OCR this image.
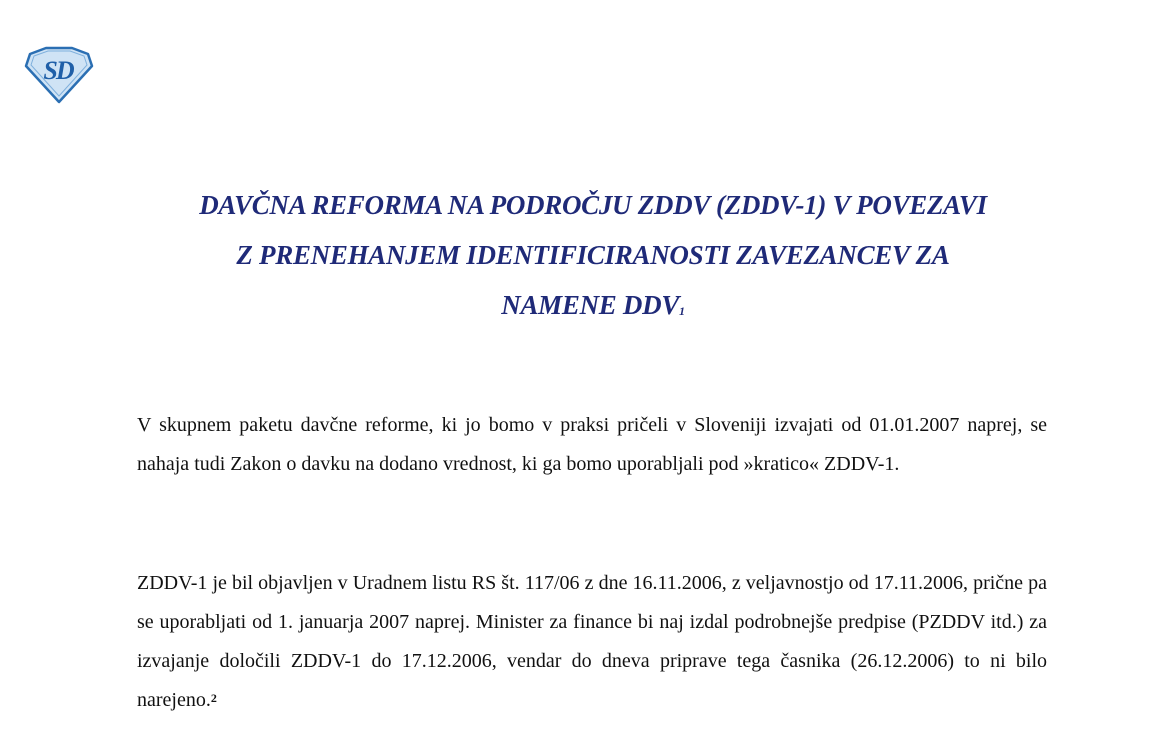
SD
DAVČNA REFORMA NA PODROČJU ZDDV (ZDDV-1) V POVEZAVI
Z PRENEHANJEM IDENTIFICIRANOSTI ZAVEZANCEV ZA
NAMENE DDV$^1$
V skupnem paketu davčne reforme, ki jo bomo v praksi pričeli v Sloveniji izvajati od 01.01.2007 naprej, se nahaja tudi Zakon o davku na dodano vrednost, ki ga bomo uporabljali pod »kratico« ZDDV-1.
ZDDV-1 je bil objavljen v Uradnem listu RS št. 117/06 z dne 16.11.2006, z veljavnostjo od 17.11.2006, prične pa se uporabljati od 1. januarja 2007 naprej. Minister za finance bi naj izdal podrobnejše predpise (PZDDV itd.) za izvajanje določili ZDDV-1 do 17.12.2006, vendar do dneva priprave tega časnika (26.12.2006) to ni bilo narejeno.$^2$
